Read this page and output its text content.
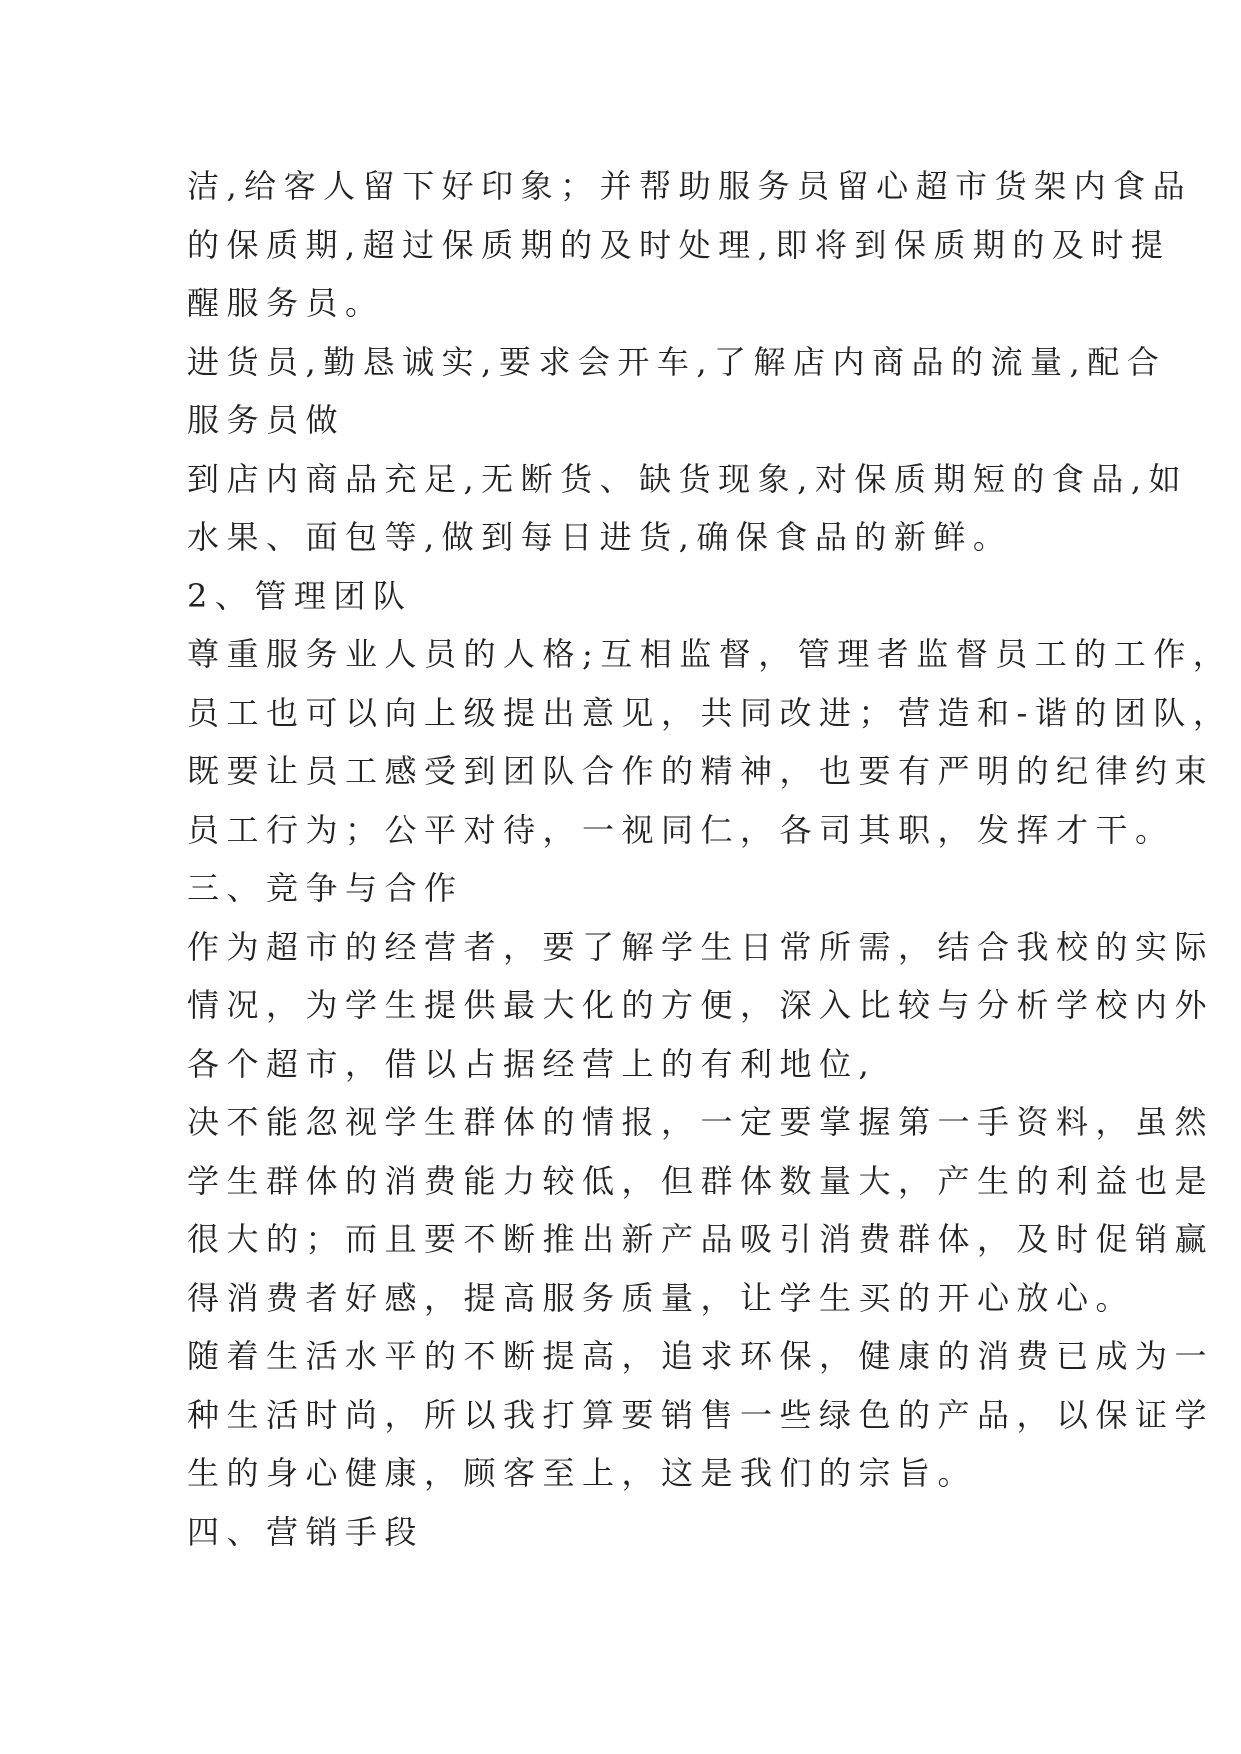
洁,给客人留下好印象；并帮助服务员留心超市货架内食品
的保质期,超过保质期的及时处理,即将到保质期的及时提
醒服务员。
进货员,勤恳诚实,要求会开车,了解店内商品的流量,配合
服务员做
到店内商品充足,无断货、缺货现象,对保质期短的食品,如
水果、面包等,做到每日进货,确保食品的新鲜。
2、管理团队
尊重服务业人员的人格;互相监督，管理者监督员工的工作，
员工也可以向上级提出意见，共同改进；营造和-谐的团队，
既要让员工感受到团队合作的精神，也要有严明的纪律约束
员工行为；公平对待，一视同仁，各司其职，发挥才干。
三、竞争与合作
作为超市的经营者，要了解学生日常所需，结合我校的实际
情况，为学生提供最大化的方便，深入比较与分析学校内外
各个超市，借以占据经营上的有利地位,
决不能忽视学生群体的情报，一定要掌握第一手资料，虽然
学生群体的消费能力较低，但群体数量大，产生的利益也是
很大的；而且要不断推出新产品吸引消费群体，及时促销赢
得消费者好感，提高服务质量，让学生买的开心放心。
随着生活水平的不断提高，追求环保，健康的消费已成为一
种生活时尚，所以我打算要销售一些绿色的产品，以保证学
生的身心健康，顾客至上，这是我们的宗旨。
四、营销手段
